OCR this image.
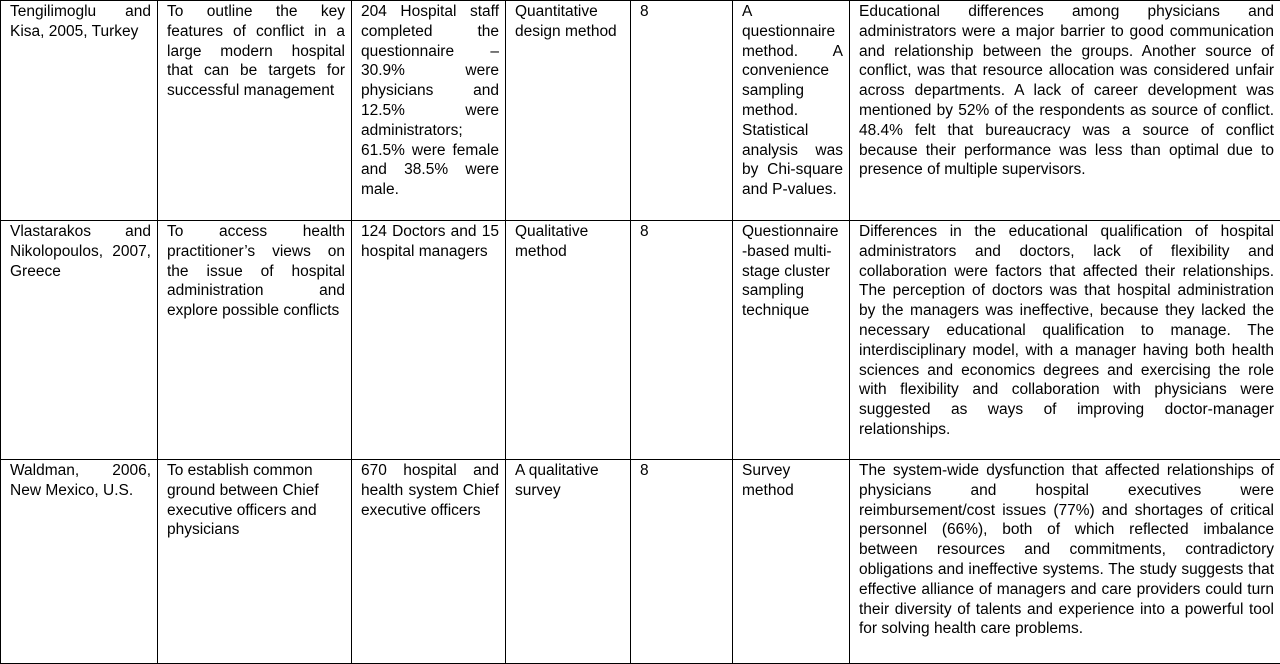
Tengilimoglu and Kisa, 2005, Turkey	To outline the key features of conflict in a large modern hospital that can be targets for successful management	204 Hospital staff completed the questionnaire – 30.9% were physicians and 12.5% were administrators; 61.5% were female and 38.5% were male.	Quantitative design method	8	A questionnaire method. A convenience sampling method. Statistical analysis was by Chi-square and P-values.	Educational differences among physicians and administrators were a major barrier to good communication and relationship between the groups. Another source of conflict, was that resource allocation was considered unfair across departments. A lack of career development was mentioned by 52% of the respondents as source of conflict. 48.4% felt that bureaucracy was a source of conflict because their performance was less than optimal due to presence of multiple supervisors.
Vlastarakos and Nikolopoulos, 2007, Greece	To access health practitioner’s views on the issue of hospital administration and explore possible conflicts	124 Doctors and 15 hospital managers	Qualitative method	8	Questionnaire-based multi-stage cluster sampling technique	Differences in the educational qualification of hospital administrators and doctors, lack of flexibility and collaboration were factors that affected their relationships. The perception of doctors was that hospital administration by the managers was ineffective, because they lacked the necessary educational qualification to manage. The interdisciplinary model, with a manager having both health sciences and economics degrees and exercising the role with flexibility and collaboration with physicians were suggested as ways of improving doctor-manager relationships.
Waldman, 2006, New Mexico, U.S.	To establish common ground between Chief executive officers and physicians	670 hospital and health system Chief executive officers	A qualitative survey	8	Survey method	The system-wide dysfunction that affected relationships of physicians and hospital executives were reimbursement/cost issues (77%) and shortages of critical personnel (66%), both of which reflected imbalance between resources and commitments, contradictory obligations and ineffective systems. The study suggests that effective alliance of managers and care providers could turn their diversity of talents and experience into a powerful tool for solving health care problems.
